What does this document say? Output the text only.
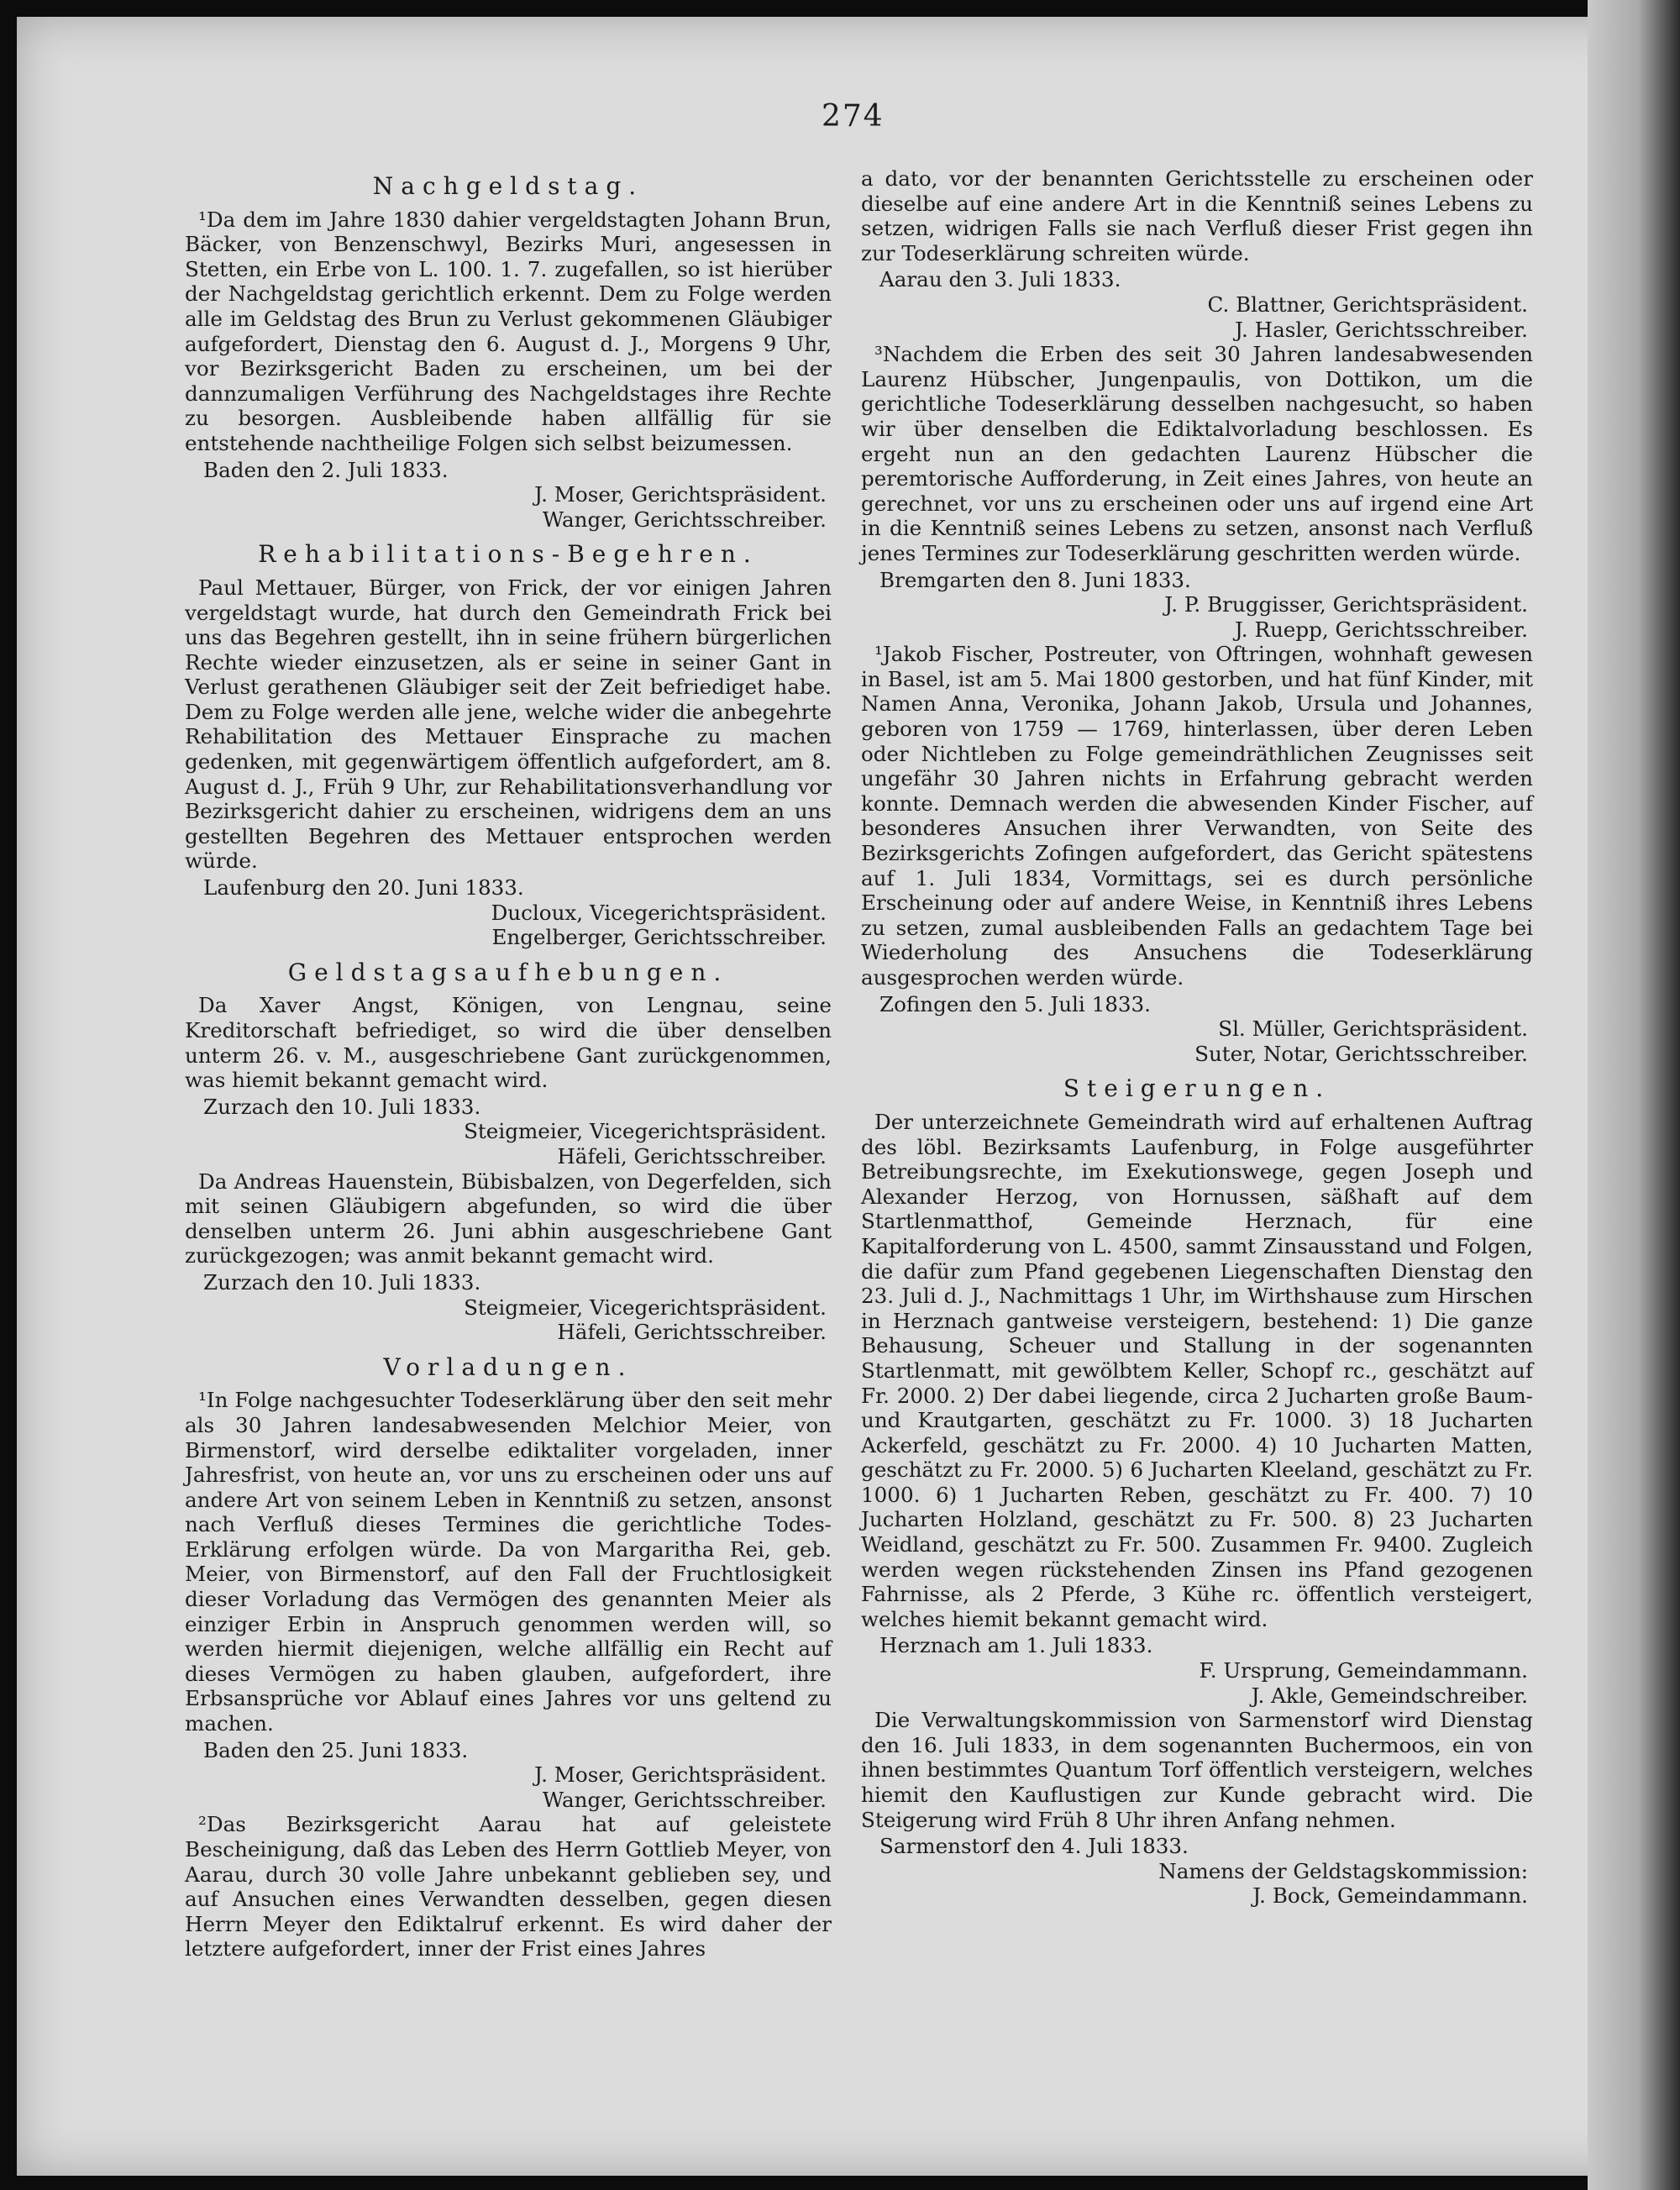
274
Nachgeldstag.

¹Da dem im Jahre 1830 dahier vergeldstagten Johann Brun, Bäcker, von Benzenschwyl, Bezirks Muri, angesessen in Stetten, ein Erbe von L. 100. 1. 7. zugefallen, so ist hierüber der Nachgeldstag gerichtlich erkennt. Dem zu Folge werden alle im Geldstag des Brun zu Verlust gekommenen Gläubiger aufgefordert, Dienstag den 6. August d. J., Morgens 9 Uhr, vor Bezirksgericht Baden zu erscheinen, um bei der dannzumaligen Verführung des Nachgeldstages ihre Rechte zu besorgen. Ausbleibende haben allfällig für sie entstehende nachtheilige Folgen sich selbst beizumessen.

Baden den 2. Juli 1833.

J. Moser, Gerichtspräsident.

Wanger, Gerichtsschreiber.

Rehabilitations-Begehren.

Paul Mettauer, Bürger, von Frick, der vor einigen Jahren vergeldstagt wurde, hat durch den Gemeindrath Frick bei uns das Begehren gestellt, ihn in seine frühern bürgerlichen Rechte wieder einzusetzen, als er seine in seiner Gant in Verlust gerathenen Gläubiger seit der Zeit befriediget habe. Dem zu Folge werden alle jene, welche wider die anbegehrte Rehabilitation des Mettauer Einsprache zu machen gedenken, mit gegenwärtigem öffentlich aufgefordert, am 8. August d. J., Früh 9 Uhr, zur Rehabilitationsverhandlung vor Bezirksgericht dahier zu erscheinen, widrigens dem an uns gestellten Begehren des Mettauer entsprochen werden würde.

Laufenburg den 20. Juni 1833.

Ducloux, Vicegerichtspräsident.

Engelberger, Gerichtsschreiber.

Geldstagsaufhebungen.

Da Xaver Angst, Königen, von Lengnau, seine Kreditorschaft befriediget, so wird die über denselben unterm 26. v. M., ausgeschriebene Gant zurückgenommen, was hiemit bekannt gemacht wird.

Zurzach den 10. Juli 1833.

Steigmeier, Vicegerichtspräsident.

Häfeli, Gerichtsschreiber.

Da Andreas Hauenstein, Bübisbalzen, von Degerfelden, sich mit seinen Gläubigern abgefunden, so wird die über denselben unterm 26. Juni abhin ausgeschriebene Gant zurückgezogen; was anmit bekannt gemacht wird.

Zurzach den 10. Juli 1833.

Steigmeier, Vicegerichtspräsident.

Häfeli, Gerichtsschreiber.

Vorladungen.

¹In Folge nachgesuchter Todeserklärung über den seit mehr als 30 Jahren landesabwesenden Melchior Meier, von Birmenstorf, wird derselbe ediktaliter vorgeladen, inner Jahresfrist, von heute an, vor uns zu erscheinen oder uns auf andere Art von seinem Leben in Kenntniß zu setzen, ansonst nach Verfluß dieses Termines die gerichtliche Todes-Erklärung erfolgen würde. Da von Margaritha Rei, geb. Meier, von Birmenstorf, auf den Fall der Fruchtlosigkeit dieser Vorladung das Vermögen des genannten Meier als einziger Erbin in Anspruch genommen werden will, so werden hiermit diejenigen, welche allfällig ein Recht auf dieses Vermögen zu haben glauben, aufgefordert, ihre Erbsansprüche vor Ablauf eines Jahres vor uns geltend zu machen.

Baden den 25. Juni 1833.

J. Moser, Gerichtspräsident.

Wanger, Gerichtsschreiber.

²Das Bezirksgericht Aarau hat auf geleistete Bescheinigung, daß das Leben des Herrn Gottlieb Meyer, von Aarau, durch 30 volle Jahre unbekannt geblieben sey, und auf Ansuchen eines Verwandten desselben, gegen diesen Herrn Meyer den Ediktalruf erkennt. Es wird daher der letztere aufgefordert, inner der Frist eines Jahres

a dato, vor der benannten Gerichtsstelle zu erscheinen oder dieselbe auf eine andere Art in die Kenntniß seines Lebens zu setzen, widrigen Falls sie nach Verfluß dieser Frist gegen ihn zur Todeserklärung schreiten würde.

Aarau den 3. Juli 1833.

C. Blattner, Gerichtspräsident.

J. Hasler, Gerichtsschreiber.

³Nachdem die Erben des seit 30 Jahren landesabwesenden Laurenz Hübscher, Jungenpaulis, von Dottikon, um die gerichtliche Todeserklärung desselben nachgesucht, so haben wir über denselben die Ediktalvorladung beschlossen. Es ergeht nun an den gedachten Laurenz Hübscher die peremtorische Aufforderung, in Zeit eines Jahres, von heute an gerechnet, vor uns zu erscheinen oder uns auf irgend eine Art in die Kenntniß seines Lebens zu setzen, ansonst nach Verfluß jenes Termines zur Todeserklärung geschritten werden würde.

Bremgarten den 8. Juni 1833.

J. P. Bruggisser, Gerichtspräsident.

J. Ruepp, Gerichtsschreiber.

¹Jakob Fischer, Postreuter, von Oftringen, wohnhaft gewesen in Basel, ist am 5. Mai 1800 gestorben, und hat fünf Kinder, mit Namen Anna, Veronika, Johann Jakob, Ursula und Johannes, geboren von 1759 — 1769, hinterlassen, über deren Leben oder Nichtleben zu Folge gemeindräthlichen Zeugnisses seit ungefähr 30 Jahren nichts in Erfahrung gebracht werden konnte. Demnach werden die abwesenden Kinder Fischer, auf besonderes Ansuchen ihrer Verwandten, von Seite des Bezirksgerichts Zofingen aufgefordert, das Gericht spätestens auf 1. Juli 1834, Vormittags, sei es durch persönliche Erscheinung oder auf andere Weise, in Kenntniß ihres Lebens zu setzen, zumal ausbleibenden Falls an gedachtem Tage bei Wiederholung des Ansuchens die Todeserklärung ausgesprochen werden würde.

Zofingen den 5. Juli 1833.

Sl. Müller, Gerichtspräsident.

Suter, Notar, Gerichtsschreiber.

Steigerungen.

Der unterzeichnete Gemeindrath wird auf erhaltenen Auftrag des löbl. Bezirksamts Laufenburg, in Folge ausgeführter Betreibungsrechte, im Exekutionswege, gegen Joseph und Alexander Herzog, von Hornussen, säßhaft auf dem Startlenmatthof, Gemeinde Herznach, für eine Kapitalforderung von L. 4500, sammt Zinsausstand und Folgen, die dafür zum Pfand gegebenen Liegenschaften Dienstag den 23. Juli d. J., Nachmittags 1 Uhr, im Wirthshause zum Hirschen in Herznach gantweise versteigern, bestehend: 1) Die ganze Behausung, Scheuer und Stallung in der sogenannten Startlenmatt, mit gewölbtem Keller, Schopf rc., geschätzt auf Fr. 2000. 2) Der dabei liegende, circa 2 Jucharten große Baum- und Krautgarten, geschätzt zu Fr. 1000. 3) 18 Jucharten Ackerfeld, geschätzt zu Fr. 2000. 4) 10 Jucharten Matten, geschätzt zu Fr. 2000. 5) 6 Jucharten Kleeland, geschätzt zu Fr. 1000. 6) 1 Jucharten Reben, geschätzt zu Fr. 400. 7) 10 Jucharten Holzland, geschätzt zu Fr. 500. 8) 23 Jucharten Weidland, geschätzt zu Fr. 500. Zusammen Fr. 9400. Zugleich werden wegen rückstehenden Zinsen ins Pfand gezogenen Fahrnisse, als 2 Pferde, 3 Kühe rc. öffentlich versteigert, welches hiemit bekannt gemacht wird.

Herznach am 1. Juli 1833.

F. Ursprung, Gemeindammann.

J. Akle, Gemeindschreiber.

Die Verwaltungskommission von Sarmenstorf wird Dienstag den 16. Juli 1833, in dem sogenannten Buchermoos, ein von ihnen bestimmtes Quantum Torf öffentlich versteigern, welches hiemit den Kauflustigen zur Kunde gebracht wird. Die Steigerung wird Früh 8 Uhr ihren Anfang nehmen.

Sarmenstorf den 4. Juli 1833.

Namens der Geldstagskommission:

J. Bock, Gemeindammann.
